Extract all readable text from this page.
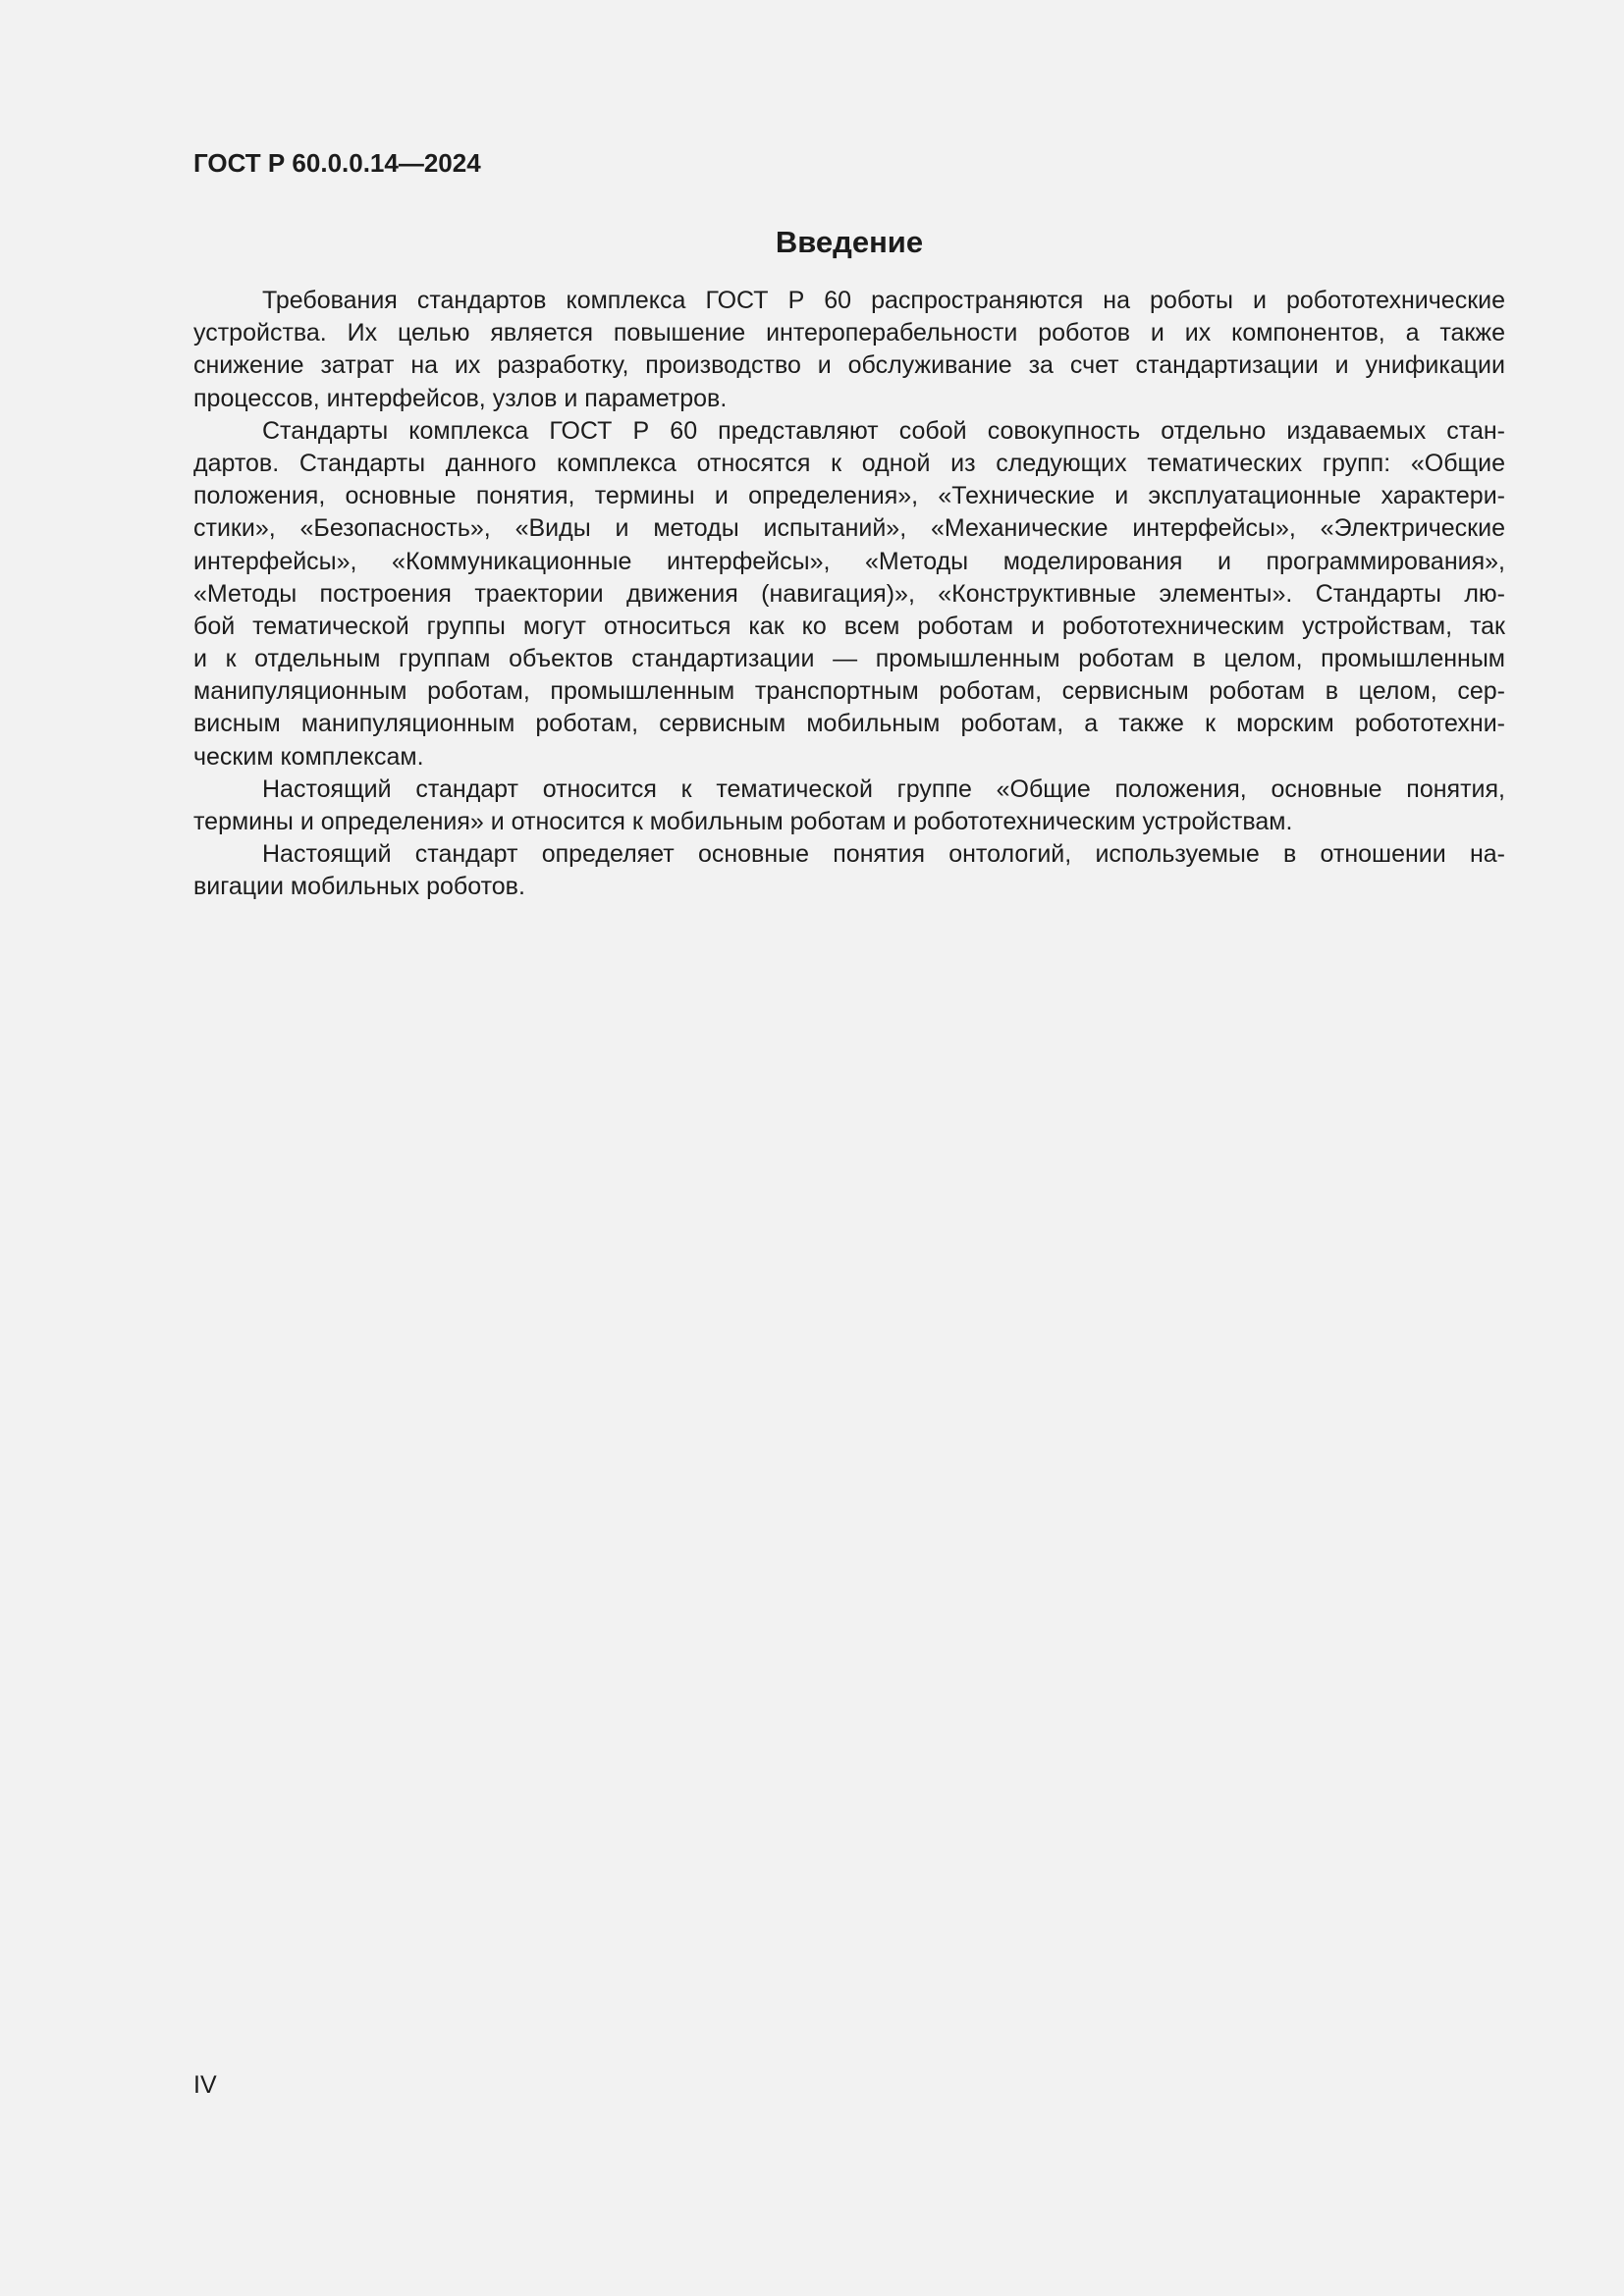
ГОСТ Р 60.0.0.14—2024
Введение
Требования стандартов комплекса ГОСТ Р 60 распространяются на роботы и робототехнические
устройства. Их целью является повышение интероперабельности роботов и их компонентов, а также
снижение затрат на их разработку, производство и обслуживание за счет стандартизации и унификации
процессов, интерфейсов, узлов и параметров.
Стандарты комплекса ГОСТ Р 60 представляют собой совокупность отдельно издаваемых стан-
дартов. Стандарты данного комплекса относятся к одной из следующих тематических групп: «Общие
положения, основные понятия, термины и определения», «Технические и эксплуатационные характери-
стики», «Безопасность», «Виды и методы испытаний», «Механические интерфейсы», «Электрические
интерфейсы», «Коммуникационные интерфейсы», «Методы моделирования и программирования»,
«Методы построения траектории движения (навигация)», «Конструктивные элементы». Стандарты лю-
бой тематической группы могут относиться как ко всем роботам и робототехническим устройствам, так
и к отдельным группам объектов стандартизации — промышленным роботам в целом, промышленным
манипуляционным роботам, промышленным транспортным роботам, сервисным роботам в целом, сер-
висным манипуляционным роботам, сервисным мобильным роботам, а также к морским робототехни-
ческим комплексам.
Настоящий стандарт относится к тематической группе «Общие положения, основные понятия,
термины и определения» и относится к мобильным роботам и робототехническим устройствам.
Настоящий стандарт определяет основные понятия онтологий, используемые в отношении на-
вигации мобильных роботов.
IV
